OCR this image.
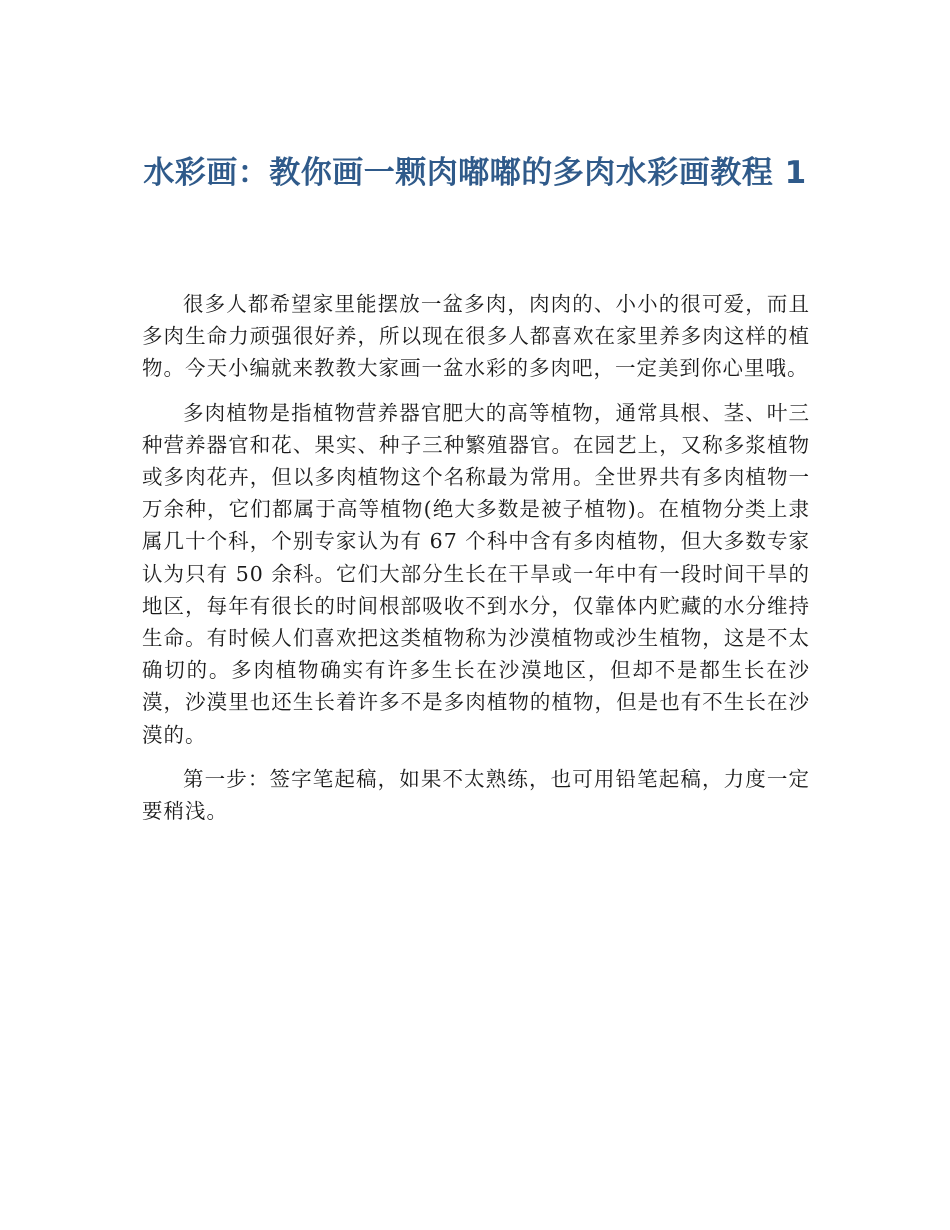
水彩画：教你画一颗肉嘟嘟的多肉水彩画教程 1

很多人都希望家里能摆放一盆多肉，肉肉的、小小的很可爱，而且多肉生命力顽强很好养，所以现在很多人都喜欢在家里养多肉这样的植物。今天小编就来教教大家画一盆水彩的多肉吧，一定美到你心里哦。

多肉植物是指植物营养器官肥大的高等植物，通常具根、茎、叶三种营养器官和花、果实、种子三种繁殖器官。在园艺上，又称多浆植物或多肉花卉，但以多肉植物这个名称最为常用。全世界共有多肉植物一万余种，它们都属于高等植物(绝大多数是被子植物)。在植物分类上隶属几十个科，个别专家认为有 67 个科中含有多肉植物，但大多数专家认为只有 50 余科。它们大部分生长在干旱或一年中有一段时间干旱的地区，每年有很长的时间根部吸收不到水分，仅靠体内贮藏的水分维持生命。有时候人们喜欢把这类植物称为沙漠植物或沙生植物，这是不太确切的。多肉植物确实有许多生长在沙漠地区，但却不是都生长在沙漠，沙漠里也还生长着许多不是多肉植物的植物，但是也有不生长在沙漠的。

第一步：签字笔起稿，如果不太熟练，也可用铅笔起稿，力度一定要稍浅。
